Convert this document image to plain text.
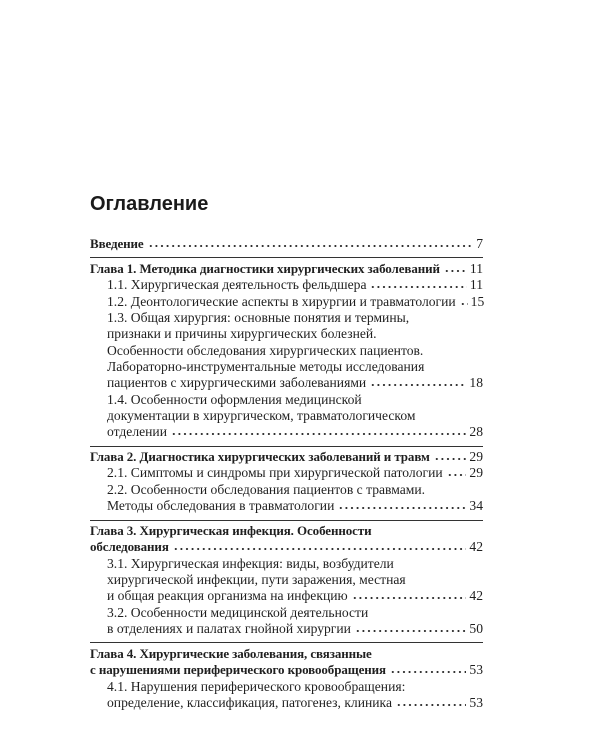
Оглавление
Введение	7
Глава 1. Методика диагностики хирургических заболеваний 11
1.1. Хирургическая деятельность фельдшера	11
1.2. Деонтологические аспекты в хирургии и травматологии 15
1.3. Общая хирургия: основные понятия и термины,
признаки и причины хирургических болезней.
Особенности обследования хирургических пациентов.
Лабораторно-инструментальные методы исследования
пациентов с хирургическими заболеваниями	18
1.4. Особенности оформления медицинской
документации в хирургическом, травматологическом
отделении	28
Глава 2. Диагностика хирургических заболеваний и травм	29
2.1. Симптомы и синдромы при хирургической патологии 29
2.2. Особенности обследования пациентов с травмами.
Методы обследования в травматологии	34
Глава 3. Хирургическая инфекция. Особенности
обследования	42
3.1. Хирургическая инфекция: виды, возбудители
хирургической инфекции, пути заражения, местная
и общая реакция организма на инфекцию	42
3.2. Особенности медицинской деятельности
в отделениях и палатах гнойной хирургии	50
Глава 4. Хирургические заболевания, связанные
с нарушениями периферического кровообращения	53
4.1. Нарушения периферического кровообращения:
определение, классификация, патогенез, клиника	53
